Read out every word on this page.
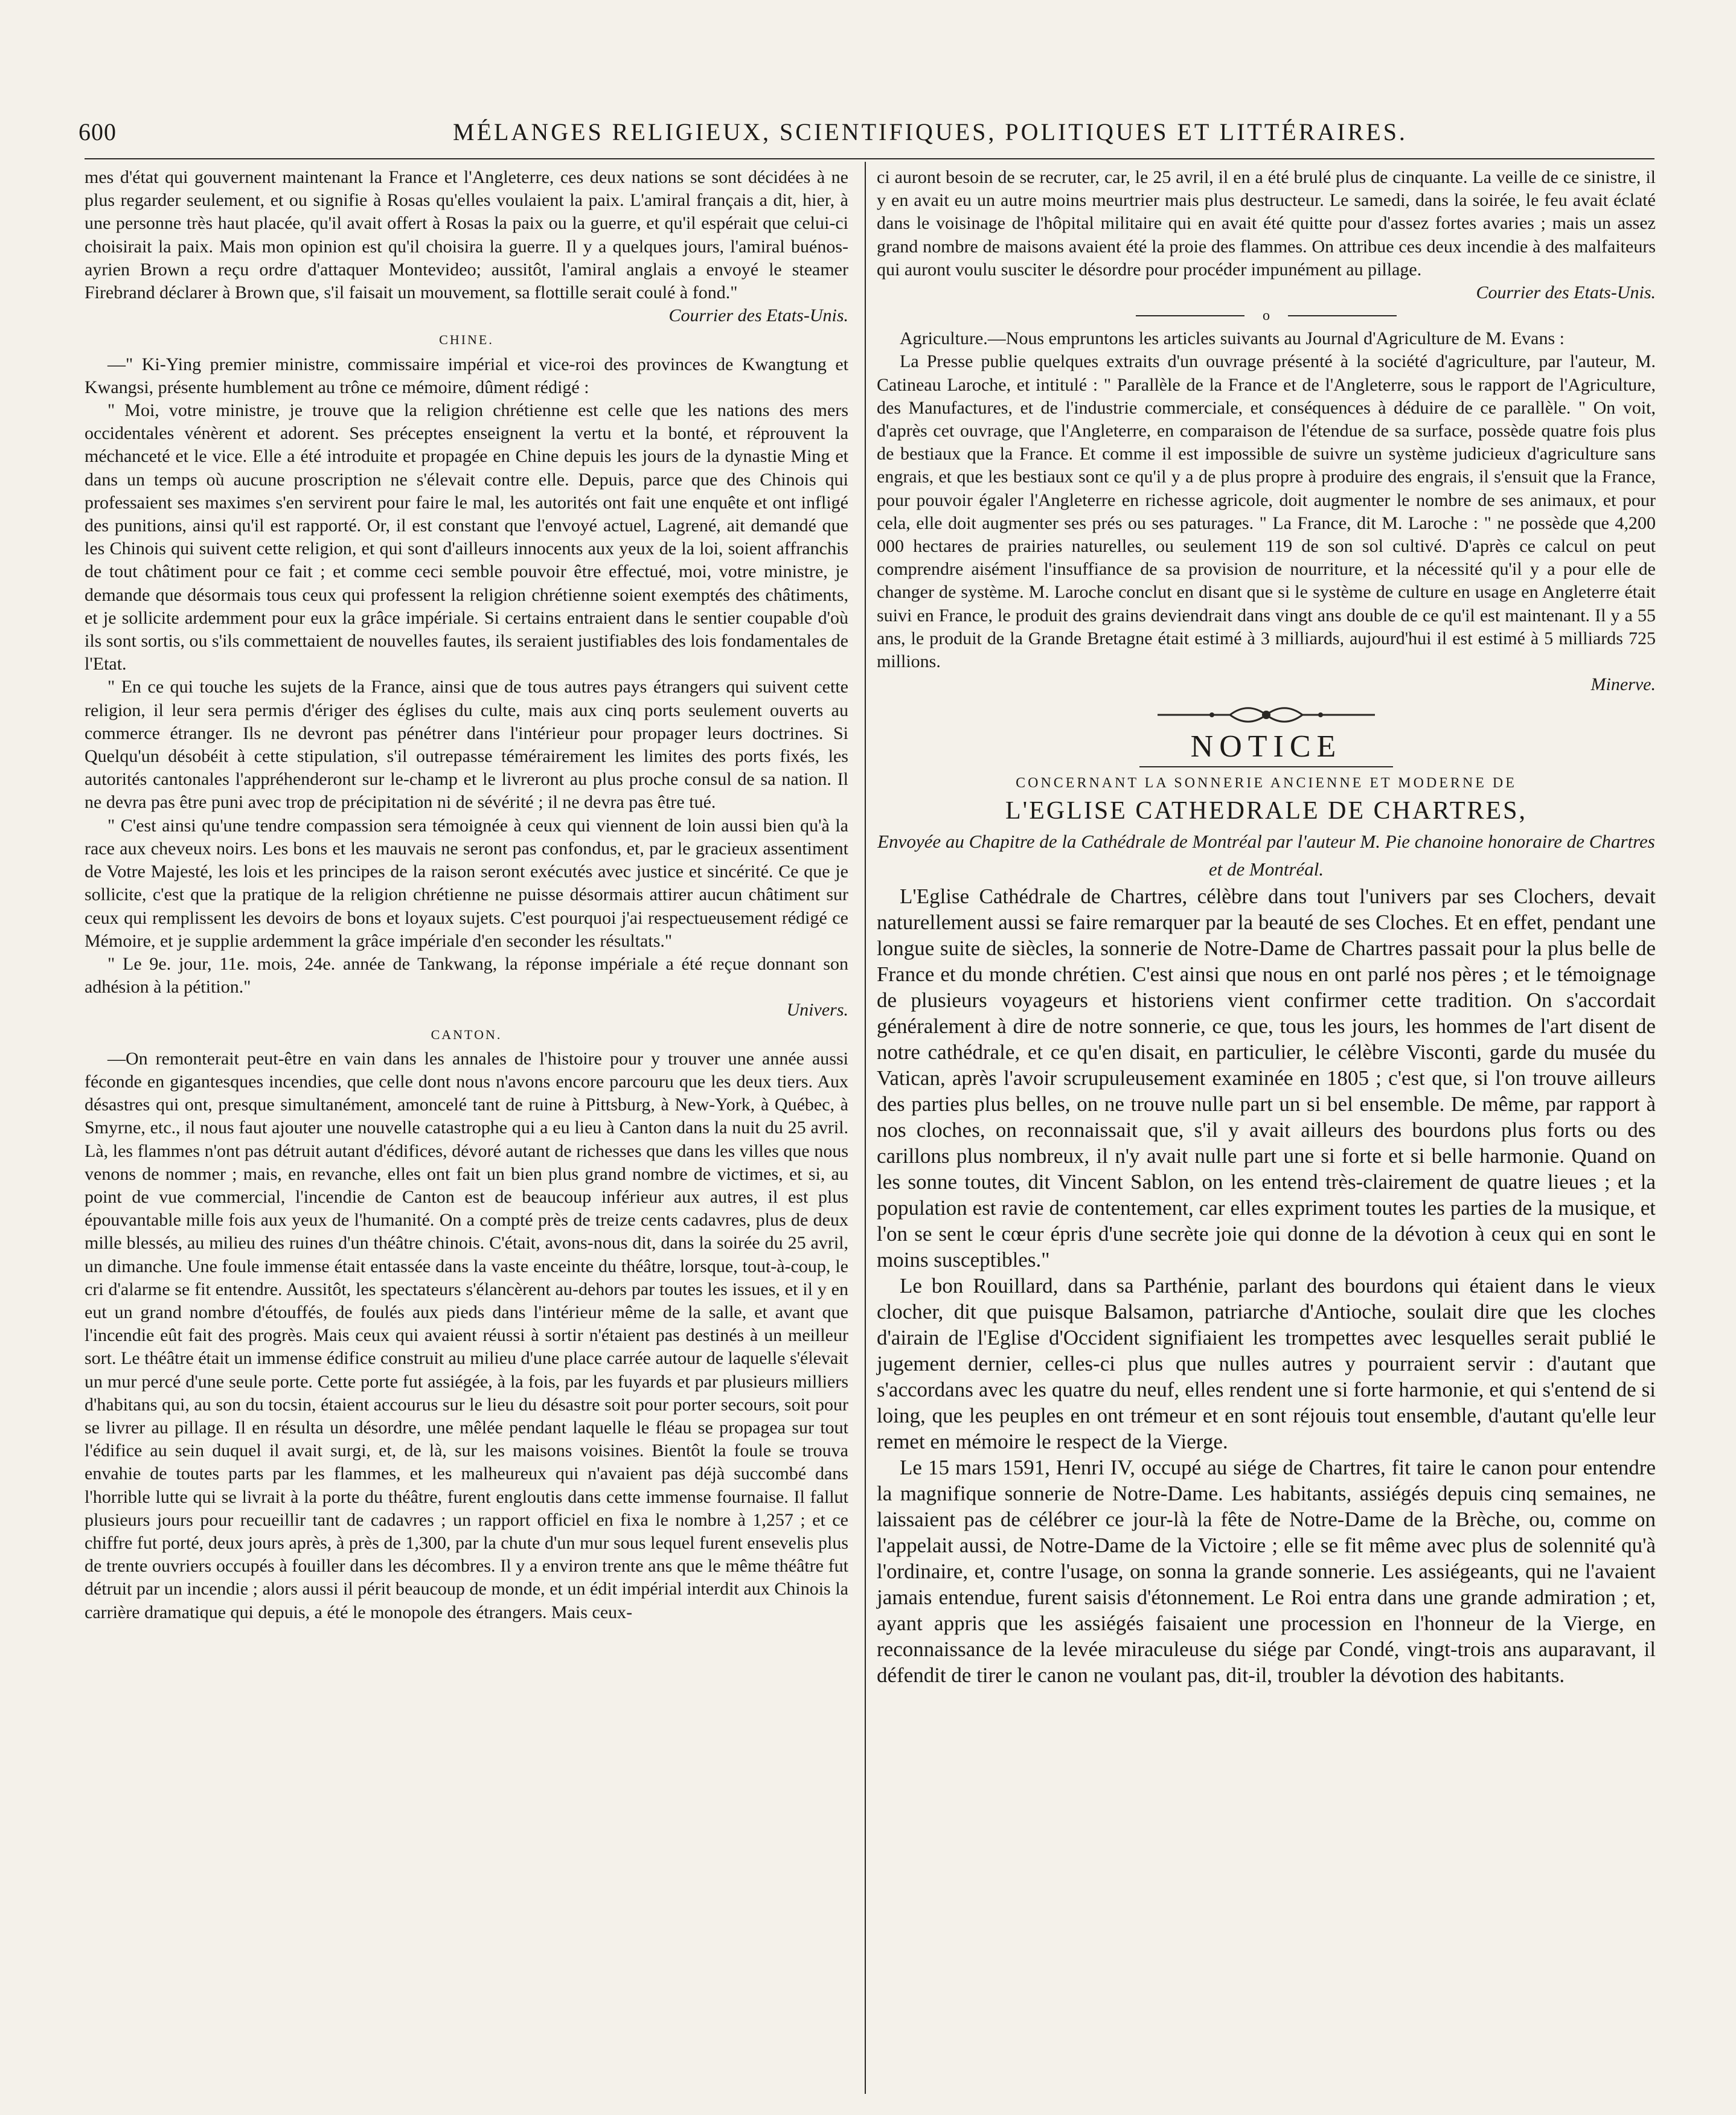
600	MÉLANGES RELIGIEUX, SCIENTIFIQUES, POLITIQUES ET LITTÉRAIRES.

mes d'état qui gouvernent maintenant la France et l'Angleterre, ces deux nations se sont décidées à ne plus regarder seulement, et ou signifie à Rosas qu'elles voulaient la paix. L'amiral français a dit, hier, à une personne très haut placée, qu'il avait offert à Rosas la paix ou la guerre, et qu'il espérait que celui-ci choisirait la paix. Mais mon opinion est qu'il choisira la guerre. Il y a quelques jours, l'amiral buénos-ayrien Brown a reçu ordre d'attaquer Montevideo; aussitôt, l'amiral anglais a envoyé le steamer Firebrand déclarer à Brown que, s'il faisait un mouvement, sa flottille serait coulé à fond."

Courrier des Etats-Unis.

CHINE.

—" Ki-Ying premier ministre, commissaire impérial et vice-roi des provinces de Kwangtung et Kwangsi, présente humblement au trône ce mémoire, dûment rédigé :

" Moi, votre ministre, je trouve que la religion chrétienne est celle que les nations des mers occidentales vénèrent et adorent. Ses préceptes enseignent la vertu et la bonté, et réprouvent la méchanceté et le vice. Elle a été introduite et propagée en Chine depuis les jours de la dynastie Ming et dans un temps où aucune proscription ne s'élevait contre elle. Depuis, parce que des Chinois qui professaient ses maximes s'en servirent pour faire le mal, les autorités ont fait une enquête et ont infligé des punitions, ainsi qu'il est rapporté. Or, il est constant que l'envoyé actuel, Lagrené, ait demandé que les Chinois qui suivent cette religion, et qui sont d'ailleurs innocents aux yeux de la loi, soient affranchis de tout châtiment pour ce fait ; et comme ceci semble pouvoir être effectué, moi, votre ministre, je demande que désormais tous ceux qui professent la religion chrétienne soient exemptés des châtiments, et je sollicite ardemment pour eux la grâce impériale. Si certains entraient dans le sentier coupable d'où ils sont sortis, ou s'ils commettaient de nouvelles fautes, ils seraient justifiables des lois fondamentales de l'Etat.

" En ce qui touche les sujets de la France, ainsi que de tous autres pays étrangers qui suivent cette religion, il leur sera permis d'ériger des églises du culte, mais aux cinq ports seulement ouverts au commerce étranger. Ils ne devront pas pénétrer dans l'intérieur pour propager leurs doctrines. Si Quelqu'un désobéit à cette stipulation, s'il outrepasse témérairement les limites des ports fixés, les autorités cantonales l'appréhenderont sur le-champ et le livreront au plus proche consul de sa nation. Il ne devra pas être puni avec trop de précipitation ni de sévérité ; il ne devra pas être tué.

" C'est ainsi qu'une tendre compassion sera témoignée à ceux qui viennent de loin aussi bien qu'à la race aux cheveux noirs. Les bons et les mauvais ne seront pas confondus, et, par le gracieux assentiment de Votre Majesté, les lois et les principes de la raison seront exécutés avec justice et sincérité. Ce que je sollicite, c'est que la pratique de la religion chrétienne ne puisse désormais attirer aucun châtiment sur ceux qui remplissent les devoirs de bons et loyaux sujets. C'est pourquoi j'ai respectueusement rédigé ce Mémoire, et je supplie ardemment la grâce impériale d'en seconder les résultats."

" Le 9e. jour, 11e. mois, 24e. année de Tankwang, la réponse impériale a été reçue donnant son adhésion à la pétition."

Univers.

CANTON.

—On remonterait peut-être en vain dans les annales de l'histoire pour y trouver une année aussi féconde en gigantesques incendies, que celle dont nous n'avons encore parcouru que les deux tiers. Aux désastres qui ont, presque simultanément, amoncelé tant de ruine à Pittsburg, à New-York, à Québec, à Smyrne, etc., il nous faut ajouter une nouvelle catastrophe qui a eu lieu à Canton dans la nuit du 25 avril. Là, les flammes n'ont pas détruit autant d'édifices, dévoré autant de richesses que dans les villes que nous venons de nommer ; mais, en revanche, elles ont fait un bien plus grand nombre de victimes, et si, au point de vue commercial, l'incendie de Canton est de beaucoup inférieur aux autres, il est plus épouvantable mille fois aux yeux de l'humanité. On a compté près de treize cents cadavres, plus de deux mille blessés, au milieu des ruines d'un théâtre chinois. C'était, avons-nous dit, dans la soirée du 25 avril, un dimanche. Une foule immense était entassée dans la vaste enceinte du théâtre, lorsque, tout-à-coup, le cri d'alarme se fit entendre. Aussitôt, les spectateurs s'élancèrent au-dehors par toutes les issues, et il y en eut un grand nombre d'étouffés, de foulés aux pieds dans l'intérieur même de la salle, et avant que l'incendie eût fait des progrès. Mais ceux qui avaient réussi à sortir n'étaient pas destinés à un meilleur sort. Le théâtre était un immense édifice construit au milieu d'une place carrée autour de laquelle s'élevait un mur percé d'une seule porte. Cette porte fut assiégée, à la fois, par les fuyards et par plusieurs milliers d'habitans qui, au son du tocsin, étaient accourus sur le lieu du désastre soit pour porter secours, soit pour se livrer au pillage. Il en résulta un désordre, une mêlée pendant laquelle le fléau se propagea sur tout l'édifice au sein duquel il avait surgi, et, de là, sur les maisons voisines. Bientôt la foule se trouva envahie de toutes parts par les flammes, et les malheureux qui n'avaient pas déjà succombé dans l'horrible lutte qui se livrait à la porte du théâtre, furent engloutis dans cette immense fournaise. Il fallut plusieurs jours pour recueillir tant de cadavres ; un rapport officiel en fixa le nombre à 1,257 ; et ce chiffre fut porté, deux jours après, à près de 1,300, par la chute d'un mur sous lequel furent ensevelis plus de trente ouvriers occupés à fouiller dans les décombres. Il y a environ trente ans que le même théâtre fut détruit par un incendie ; alors aussi il périt beaucoup de monde, et un édit impérial interdit aux Chinois la carrière dramatique qui depuis, a été le monopole des étrangers. Mais ceux-

ci auront besoin de se recruter, car, le 25 avril, il en a été brulé plus de cinquante. La veille de ce sinistre, il y en avait eu un autre moins meurtrier mais plus destructeur. Le samedi, dans la soirée, le feu avait éclaté dans le voisinage de l'hôpital militaire qui en avait été quitte pour d'assez fortes avaries ; mais un assez grand nombre de maisons avaient été la proie des flammes. On attribue ces deux incendie à des malfaiteurs qui auront voulu susciter le désordre pour procéder impunément au pillage.

Courrier des Etats-Unis.

o

Agriculture.—Nous empruntons les articles suivants au Journal d'Agriculture de M. Evans :

La Presse publie quelques extraits d'un ouvrage présenté à la société d'agriculture, par l'auteur, M. Catineau Laroche, et intitulé : " Parallèle de la France et de l'Angleterre, sous le rapport de l'Agriculture, des Manufactures, et de l'industrie commerciale, et conséquences à déduire de ce parallèle. " On voit, d'après cet ouvrage, que l'Angleterre, en comparaison de l'étendue de sa surface, possède quatre fois plus de bestiaux que la France. Et comme il est impossible de suivre un système judicieux d'agriculture sans engrais, et que les bestiaux sont ce qu'il y a de plus propre à produire des engrais, il s'ensuit que la France, pour pouvoir égaler l'Angleterre en richesse agricole, doit augmenter le nombre de ses animaux, et pour cela, elle doit augmenter ses prés ou ses paturages. " La France, dit M. Laroche : " ne possède que 4,200 000 hectares de prairies naturelles, ou seulement 119 de son sol cultivé. D'après ce calcul on peut comprendre aisément l'insuffiance de sa provision de nourriture, et la nécessité qu'il y a pour elle de changer de système. M. Laroche conclut en disant que si le système de culture en usage en Angleterre était suivi en France, le produit des grains deviendrait dans vingt ans double de ce qu'il est maintenant. Il y a 55 ans, le produit de la Grande Bretagne était estimé à 3 milliards, aujourd'hui il est estimé à 5 milliards 725 millions.

Minerve.

NOTICE
CONCERNANT LA SONNERIE ANCIENNE ET MODERNE DE
L'EGLISE CATHEDRALE DE CHARTRES,
Envoyée au Chapitre de la Cathédrale de Montréal par l'auteur M. Pie chanoine honoraire de Chartres et de Montréal.

L'Eglise Cathédrale de Chartres, célèbre dans tout l'univers par ses Clochers, devait naturellement aussi se faire remarquer par la beauté de ses Cloches. Et en effet, pendant une longue suite de siècles, la sonnerie de Notre-Dame de Chartres passait pour la plus belle de France et du monde chrétien. C'est ainsi que nous en ont parlé nos pères ; et le témoignage de plusieurs voyageurs et historiens vient confirmer cette tradition. On s'accordait généralement à dire de notre sonnerie, ce que, tous les jours, les hommes de l'art disent de notre cathédrale, et ce qu'en disait, en particulier, le célèbre Visconti, garde du musée du Vatican, après l'avoir scrupuleusement examinée en 1805 ; c'est que, si l'on trouve ailleurs des parties plus belles, on ne trouve nulle part un si bel ensemble. De même, par rapport à nos cloches, on reconnaissait que, s'il y avait ailleurs des bourdons plus forts ou des carillons plus nombreux, il n'y avait nulle part une si forte et si belle harmonie. Quand on les sonne toutes, dit Vincent Sablon, on les entend très-clairement de quatre lieues ; et la population est ravie de contentement, car elles expriment toutes les parties de la musique, et l'on se sent le cœur épris d'une secrète joie qui donne de la dévotion à ceux qui en sont le moins susceptibles."

Le bon Rouillard, dans sa Parthénie, parlant des bourdons qui étaient dans le vieux clocher, dit que puisque Balsamon, patriarche d'Antioche, soulait dire que les cloches d'airain de l'Eglise d'Occident signifiaient les trompettes avec lesquelles serait publié le jugement dernier, celles-ci plus que nulles autres y pourraient servir : d'autant que s'accordans avec les quatre du neuf, elles rendent une si forte harmonie, et qui s'entend de si loing, que les peuples en ont trémeur et en sont réjouis tout ensemble, d'autant qu'elle leur remet en mémoire le respect de la Vierge.

Le 15 mars 1591, Henri IV, occupé au siége de Chartres, fit taire le canon pour entendre la magnifique sonnerie de Notre-Dame. Les habitants, assiégés depuis cinq semaines, ne laissaient pas de célébrer ce jour-là la fête de Notre-Dame de la Brèche, ou, comme on l'appelait aussi, de Notre-Dame de la Victoire ; elle se fit même avec plus de solennité qu'à l'ordinaire, et, contre l'usage, on sonna la grande sonnerie. Les assiégeants, qui ne l'avaient jamais entendue, furent saisis d'étonnement. Le Roi entra dans une grande admiration ; et, ayant appris que les assiégés faisaient une procession en l'honneur de la Vierge, en reconnaissance de la levée miraculeuse du siége par Condé, vingt-trois ans auparavant, il défendit de tirer le canon ne voulant pas, dit-il, troubler la dévotion des habitants.
